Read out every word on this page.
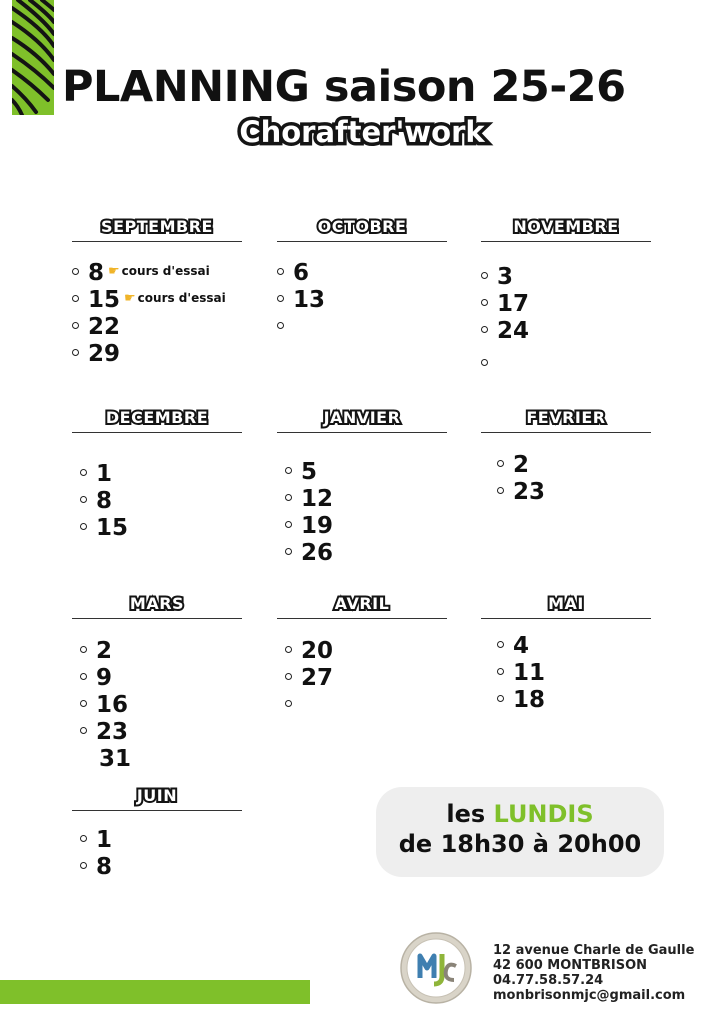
PLANNING saison 25-26
Chorafter'work
SEPTEMBRE
8 ☛ cours d'essai
15 ☛ cours d'essai
22
29
OCTOBRE
6
13
NOVEMBRE
3
17
24
DECEMBRE
1
8
15
JANVIER
5
12
19
26
FEVRIER
2
23
MARS
2
9
16
23
31
AVRIL
20
27
MAI
4
11
18
JUIN
1
8
les LUNDIS
de 18h30 à 20h00
12 avenue Charle de Gaulle
42 600 MONTBRISON
04.77.58.57.24
monbrisonmjc@gmail.com
